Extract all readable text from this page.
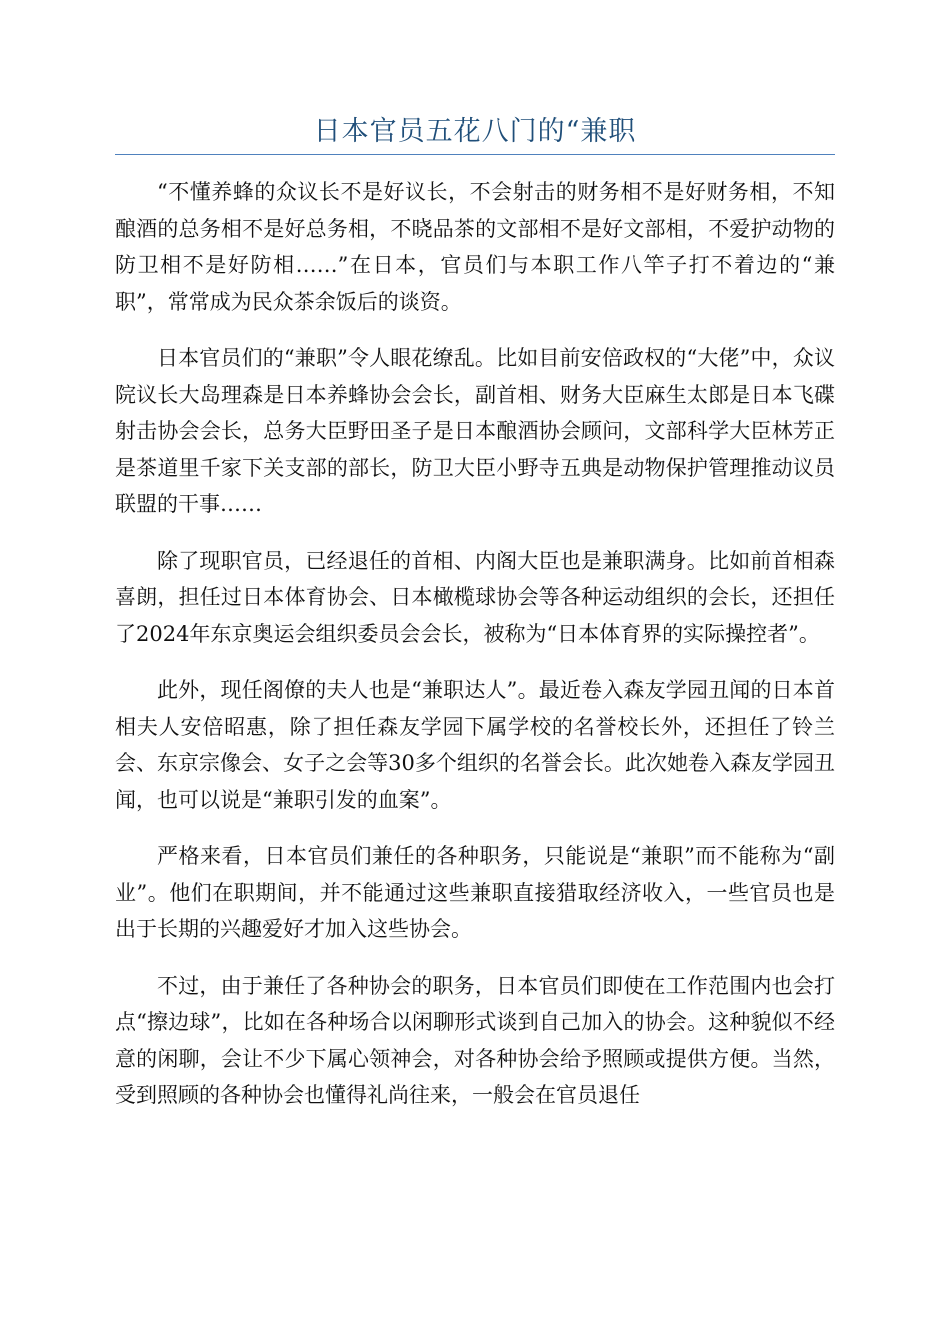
日本官员五花八门的“兼职

“不懂养蜂的众议长不是好议长，不会射击的财务相不是好财务相，不知酿酒的总务相不是好总务相，不晓品茶的文部相不是好文部相，不爱护动物的防卫相不是好防相……”在日本，官员们与本职工作八竿子打不着边的“兼职”，常常成为民众茶余饭后的谈资。

日本官员们的“兼职”令人眼花缭乱。比如目前安倍政权的“大佬”中，众议院议长大岛理森是日本养蜂协会会长，副首相、财务大臣麻生太郎是日本飞碟射击协会会长，总务大臣野田圣子是日本酿酒协会顾问，文部科学大臣林芳正是茶道里千家下关支部的部长，防卫大臣小野寺五典是动物保护管理推动议员联盟的干事……

除了现职官员，已经退任的首相、内阁大臣也是兼职满身。比如前首相森喜朗，担任过日本体育协会、日本橄榄球协会等各种运动组织的会长，还担任了2024年东京奥运会组织委员会会长，被称为“日本体育界的实际操控者”。

此外，现任阁僚的夫人也是“兼职达人”。最近卷入森友学园丑闻的日本首相夫人安倍昭惠，除了担任森友学园下属学校的名誉校长外，还担任了铃兰会、东京宗像会、女子之会等30多个组织的名誉会长。此次她卷入森友学园丑闻，也可以说是“兼职引发的血案”。

严格来看，日本官员们兼任的各种职务，只能说是“兼职”而不能称为“副业”。他们在职期间，并不能通过这些兼职直接猎取经济收入，一些官员也是出于长期的兴趣爱好才加入这些协会。

不过，由于兼任了各种协会的职务，日本官员们即使在工作范围内也会打点“擦边球”，比如在各种场合以闲聊形式谈到自己加入的协会。这种貌似不经意的闲聊，会让不少下属心领神会，对各种协会给予照顾或提供方便。当然，受到照顾的各种协会也懂得礼尚往来，一般会在官员退任
